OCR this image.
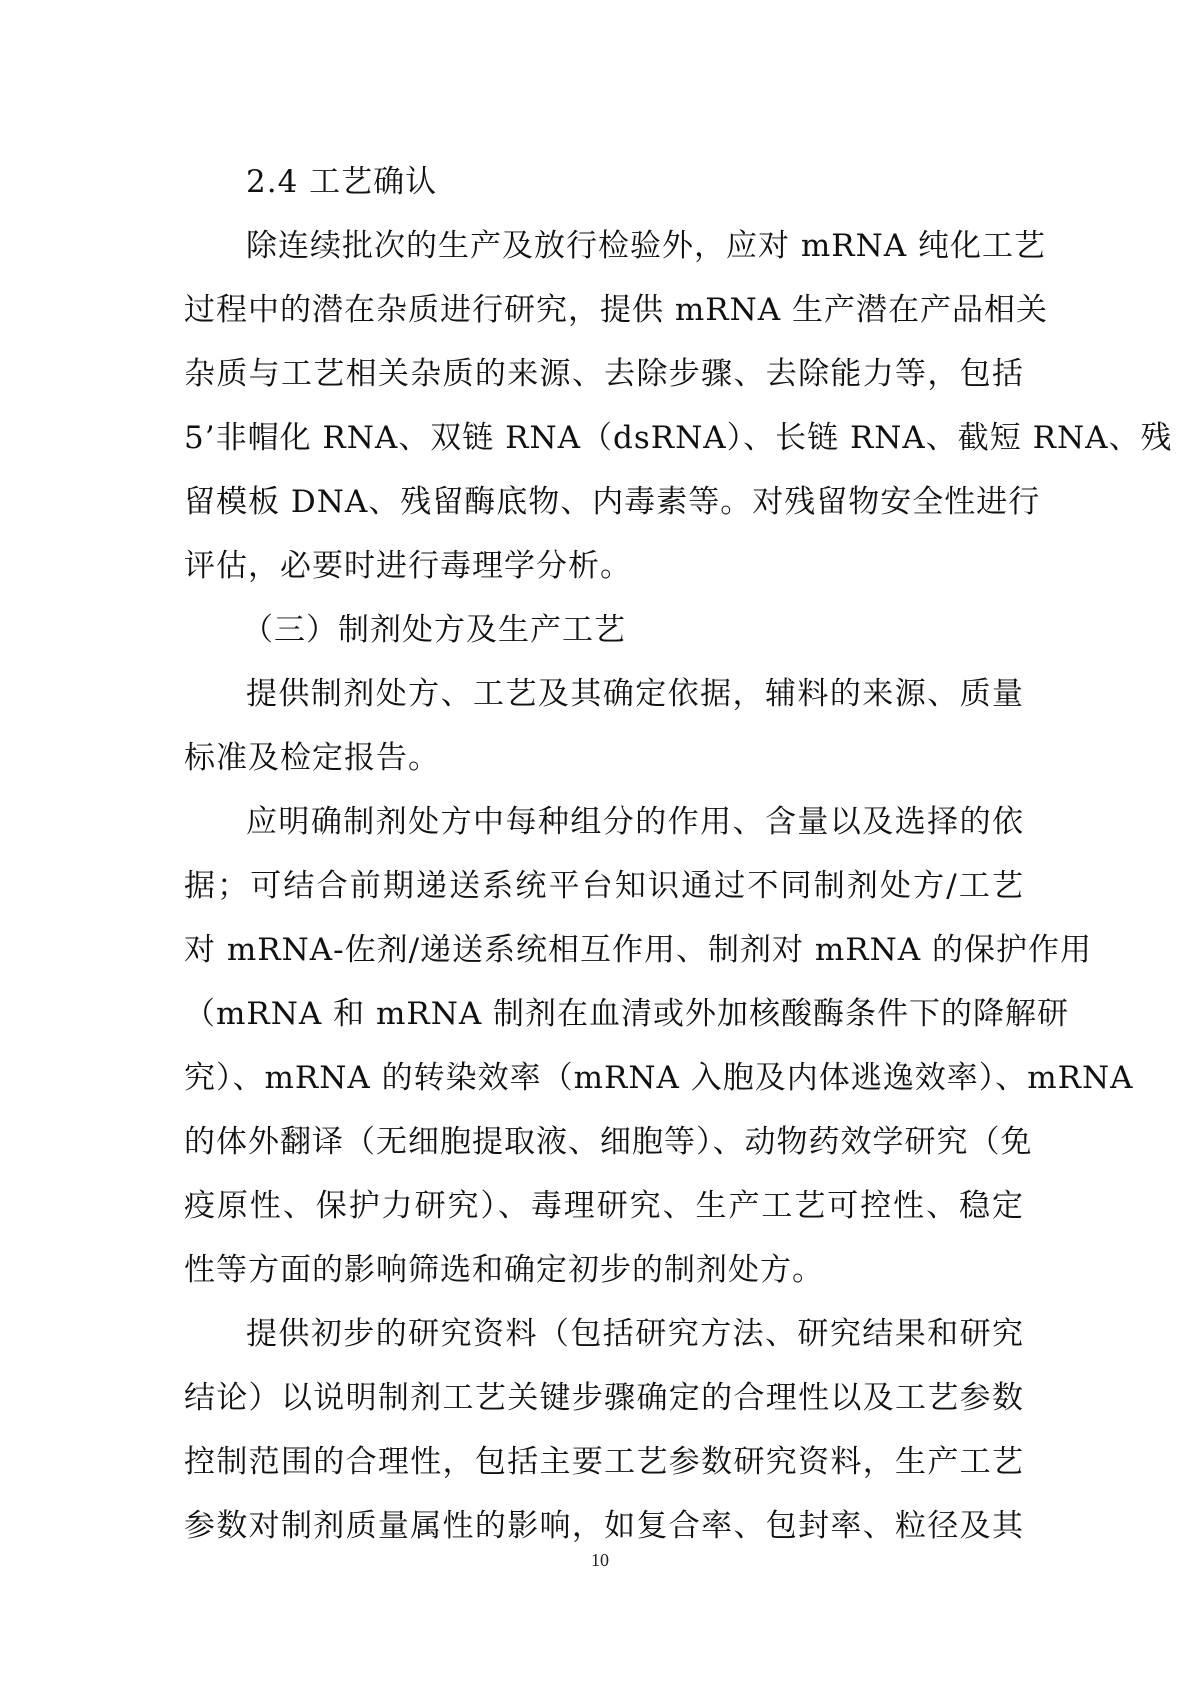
2.4 工艺确认
除连续批次的生产及放行检验外，应对 mRNA 纯化工艺
过程中的潜在杂质进行研究，提供 mRNA 生产潜在产品相关
杂质与工艺相关杂质的来源、去除步骤、去除能力等，包括
5’非帽化 RNA、双链 RNA（dsRNA）、长链 RNA、截短 RNA、残
留模板 DNA、残留酶底物、内毒素等。对残留物安全性进行
评估，必要时进行毒理学分析。
（三）制剂处方及生产工艺
提供制剂处方、工艺及其确定依据，辅料的来源、质量
标准及检定报告。
应明确制剂处方中每种组分的作用、含量以及选择的依
据；可结合前期递送系统平台知识通过不同制剂处方/工艺
对 mRNA-佐剂/递送系统相互作用、制剂对 mRNA 的保护作用
（mRNA 和 mRNA 制剂在血清或外加核酸酶条件下的降解研
究）、mRNA 的转染效率（mRNA 入胞及内体逃逸效率）、mRNA
的体外翻译（无细胞提取液、细胞等）、动物药效学研究（免
疫原性、保护力研究）、毒理研究、生产工艺可控性、稳定
性等方面的影响筛选和确定初步的制剂处方。
提供初步的研究资料（包括研究方法、研究结果和研究
结论）以说明制剂工艺关键步骤确定的合理性以及工艺参数
控制范围的合理性，包括主要工艺参数研究资料，生产工艺
参数对制剂质量属性的影响，如复合率、包封率、粒径及其
10
